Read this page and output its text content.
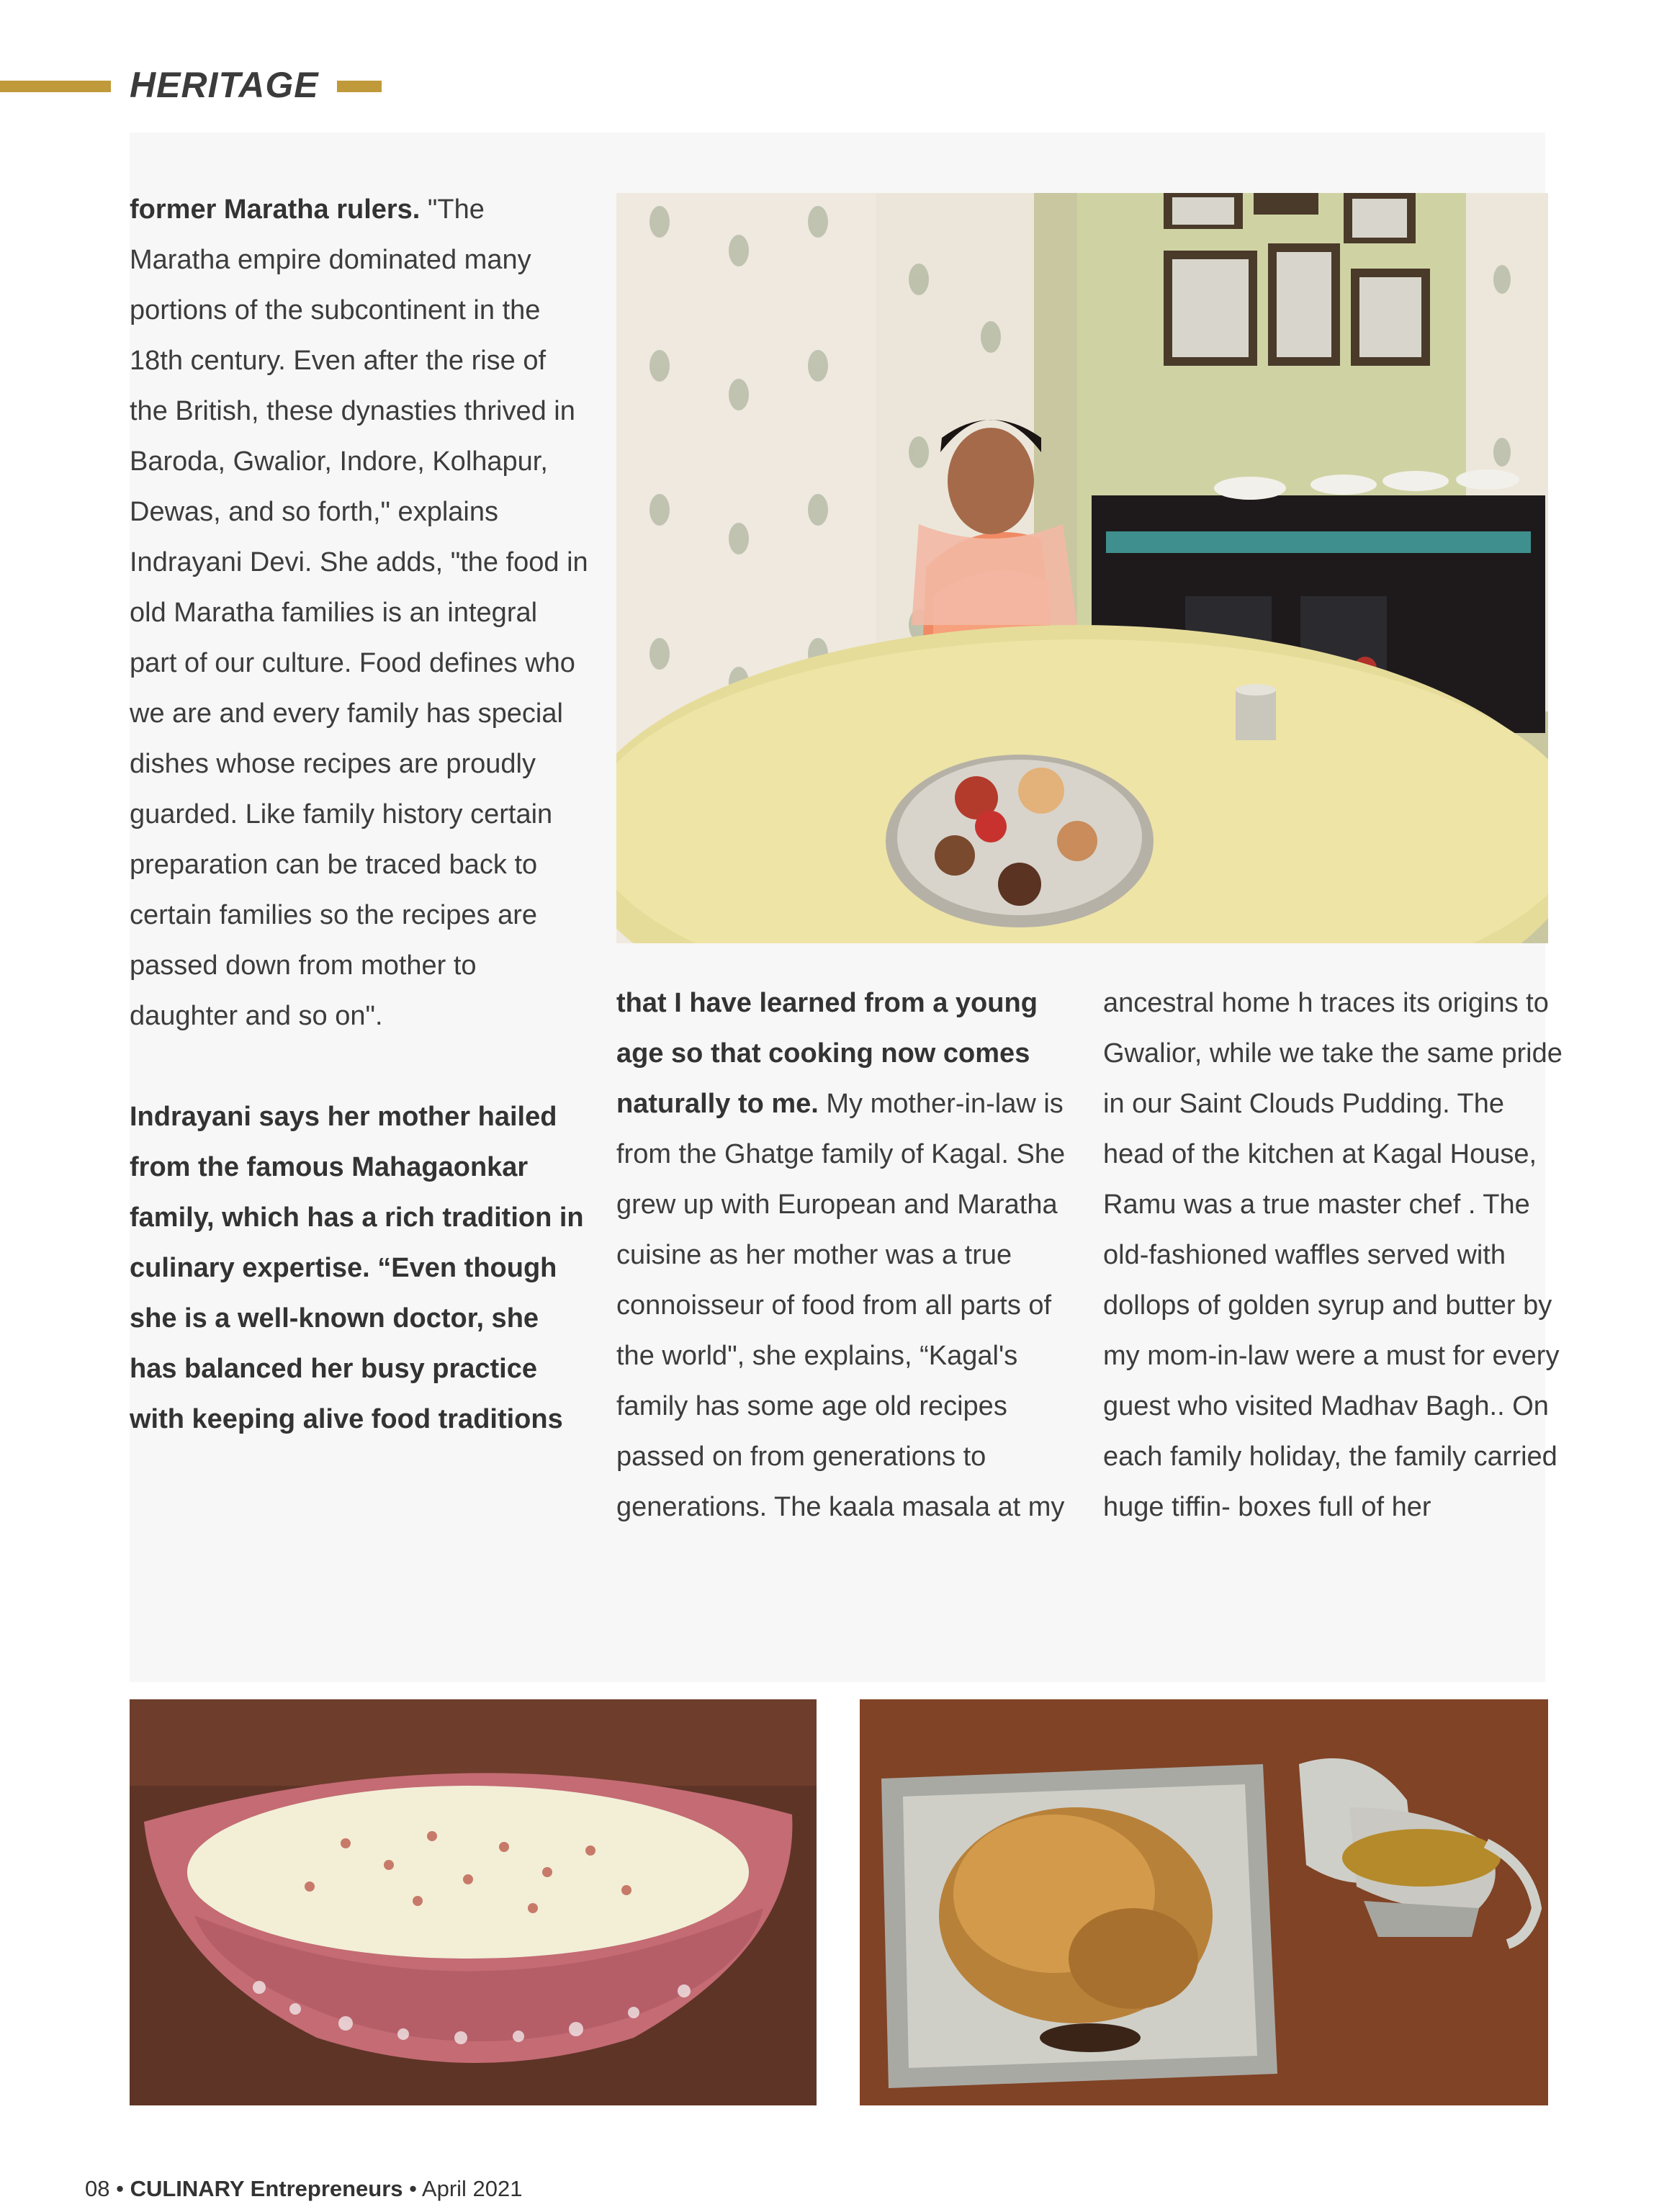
HERITAGE

former Maratha rulers. "The Maratha empire dominated many portions of the subcontinent in the 18th century. Even after the rise of the British, these dynasties thrived in Baroda, Gwalior, Indore, Kolhapur, Dewas, and so forth," explains Indrayani Devi. She adds, "the food in old Maratha families is an integral part of our culture. Food defines who we are and every family has special dishes whose recipes are proudly guarded. Like family history certain preparation can be traced back to certain families so the recipes are passed down from mother to daughter and so on".

Indrayani says her mother hailed from the famous Mahagaonkar family, which has a rich tradition in culinary expertise. “Even though she is a well-known doctor, she has balanced her busy practice with keeping alive food traditions

that I have learned from a young age so that cooking now comes naturally to me. My mother-in-law is from the Ghatge family of Kagal. She grew up with European and Maratha cuisine as her mother was a true connoisseur of food from all parts of the world", she explains, “Kagal's family has some age old recipes passed on from generations to generations. The kaala masala at my

ancestral home h traces its origins to Gwalior, while we take the same pride in our Saint Clouds Pudding. The head of the kitchen at Kagal House, Ramu was a true master chef . The old-fashioned waffles served with dollops of golden syrup and butter by my mom-in-law were a must for every guest who visited Madhav Bagh.. On each family holiday, the family carried huge tiffin- boxes full of her

08 • CULINARY Entrepreneurs • April 2021
